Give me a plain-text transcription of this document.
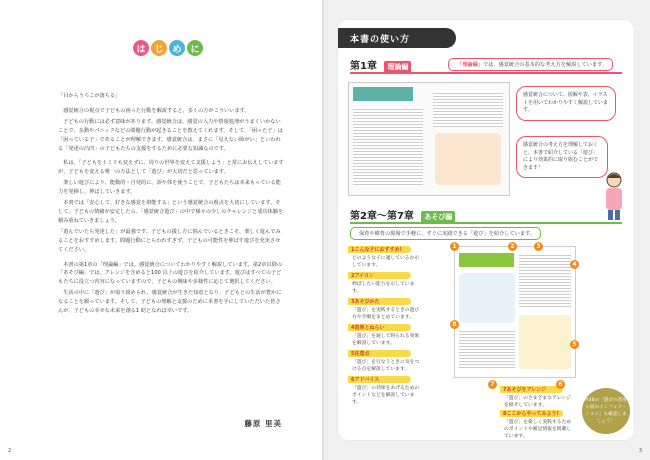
は じ め に

「目からうろこが落ちる」

　感覚統合の視点で子どもの困った行動を解説すると、多くの方がこういいます。

　子どもの行動には必ず意味があります。感覚統合は、感覚の入力や情報処理がうまくいかないことで、多動やパニックなどの問題行動が起きることを教えてくれます。そして、「困った子」は「困っている子」であることが理解できます。感覚統合は、まさに「見えない障がい」といわれる「発達の凸凹」の子どもたちの支援をするために必要な知識なのです。

　私は、「子どもをトミリも変えずに、周りの世界を変えて支援しよう」と常にお伝えしていますが、子どもを変える唯一の方法として「遊び」が大切だと思っています。

　楽しい遊びにより、能動的・自発的に、誤や体を使うことで、子どもたちは本来もっている能力を発揮し、伸ばしていきます。

　本書では「安心して、好きな感覚を堪能する」という感覚統合の視点を大切にしています。そして、子どもの情緒が安定したら、「感覚統合遊び」の中で様々の少しのチャレンジと成功体験を積み重ねていきましょう。

「遊んでいたら発達した」が最強です。子どもの援し方に悩んでいるときこそ、楽しく遊んでみることをおすすめします。問題行動にとらわれすぎず、子どもの可能性を伸ばす遊びを充実させてください。

　本書の第1章の「理論編」では、感覚統合についてわかりやすく解説しています。第2章以降の「あそび編」では、アレンジを含めると100 以上の遊びを紹介しています。遊びはすべての子どもたちに役立つ内容になっていますので、子どもの興味や多様性に応じて選択してください。

　生活の中に「遊び」が取り組められ、感覚統合が生きた知恵となり、子どもとの生活が豊かになることを願っています。そして、子どもの理解と支援のために本書を手にしていただいた皆さんが、子どもの幸せな未来を創る1 助となれば幸いです。

藤原 里美
2	3
本書の使い方
第1章 理論編	「理論編」では、感覚統合の基本的な考え方を解説しています。
感覚統合について、図解や表、イラストを用いてわかりやすく解説しています。
感覚統合の考え方を理解しておくと、本書で紹介している「遊び」により効果的に取り組むことができます！
第2章～第7章 あそび編
保育や療育の現場で手軽に、すぐに実践できる「遊び」を紹介しています。
1 こんな子におすすめ!
どのような子に適しているか示しています。
2 アイコン
伸ばしたい能力を示しています。
3 あそびかた
「遊び」を実践するときの遊び方や手順をまとめています。
4 効果とねらい
「遊び」を通して得られる効果を解説しています。
5 注意点
「遊び」を行なうときに気をつける点を解説しています。
6 アドバイス
「遊び」の効果をあげるためのポイントなどを解説しています。
7 あそびをアレンジ
「遊び」のさまざまなアレンジを紹介しています。
8 ここからやってみよう!
「遊び」を楽しく実践するためのポイントや補足情報を掲載しています。
1	2	3
4
5
6
7
8
P.46の「遊びの活用の前のインフォメーション」も確認しましょう！
